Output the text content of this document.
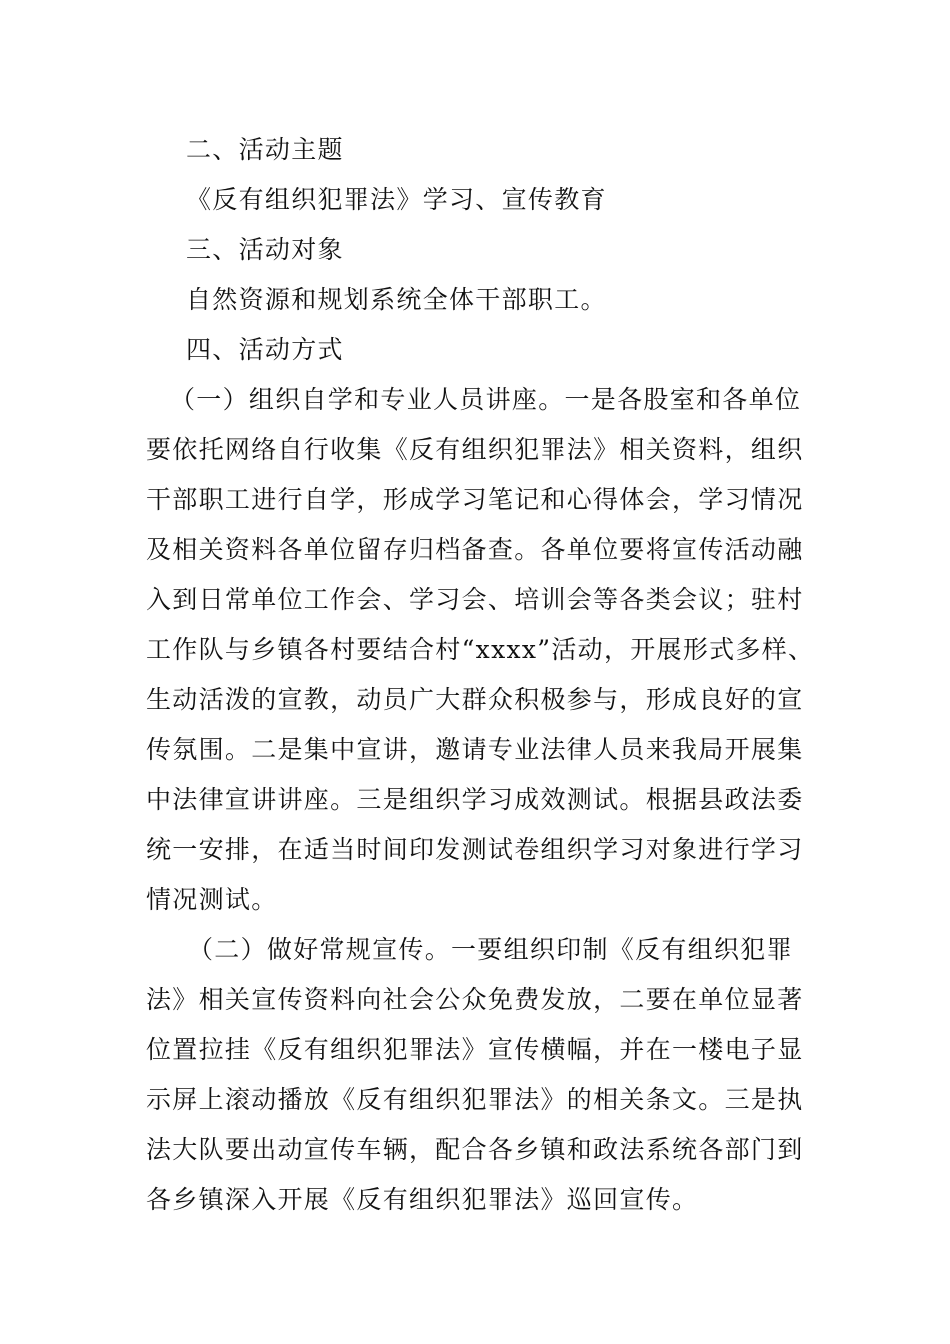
二、活动主题
《反有组织犯罪法》学习、宣传教育
三、活动对象
自然资源和规划系统全体干部职工。
四、活动方式
（一）组织自学和专业人员讲座。一是各股室和各单位
要依托网络自行收集《反有组织犯罪法》相关资料，组织
干部职工进行自学，形成学习笔记和心得体会，学习情况
及相关资料各单位留存归档备查。各单位要将宣传活动融
入到日常单位工作会、学习会、培训会等各类会议；驻村
工作队与乡镇各村要结合村“xxxx”活动，开展形式多样、
生动活泼的宣教，动员广大群众积极参与，形成良好的宣
传氛围。二是集中宣讲，邀请专业法律人员来我局开展集
中法律宣讲讲座。三是组织学习成效测试。根据县政法委
统一安排，在适当时间印发测试卷组织学习对象进行学习
情况测试。
（二）做好常规宣传。一要组织印制《反有组织犯罪
法》相关宣传资料向社会公众免费发放，二要在单位显著
位置拉挂《反有组织犯罪法》宣传横幅，并在一楼电子显
示屏上滚动播放《反有组织犯罪法》的相关条文。三是执
法大队要出动宣传车辆，配合各乡镇和政法系统各部门到
各乡镇深入开展《反有组织犯罪法》巡回宣传。
